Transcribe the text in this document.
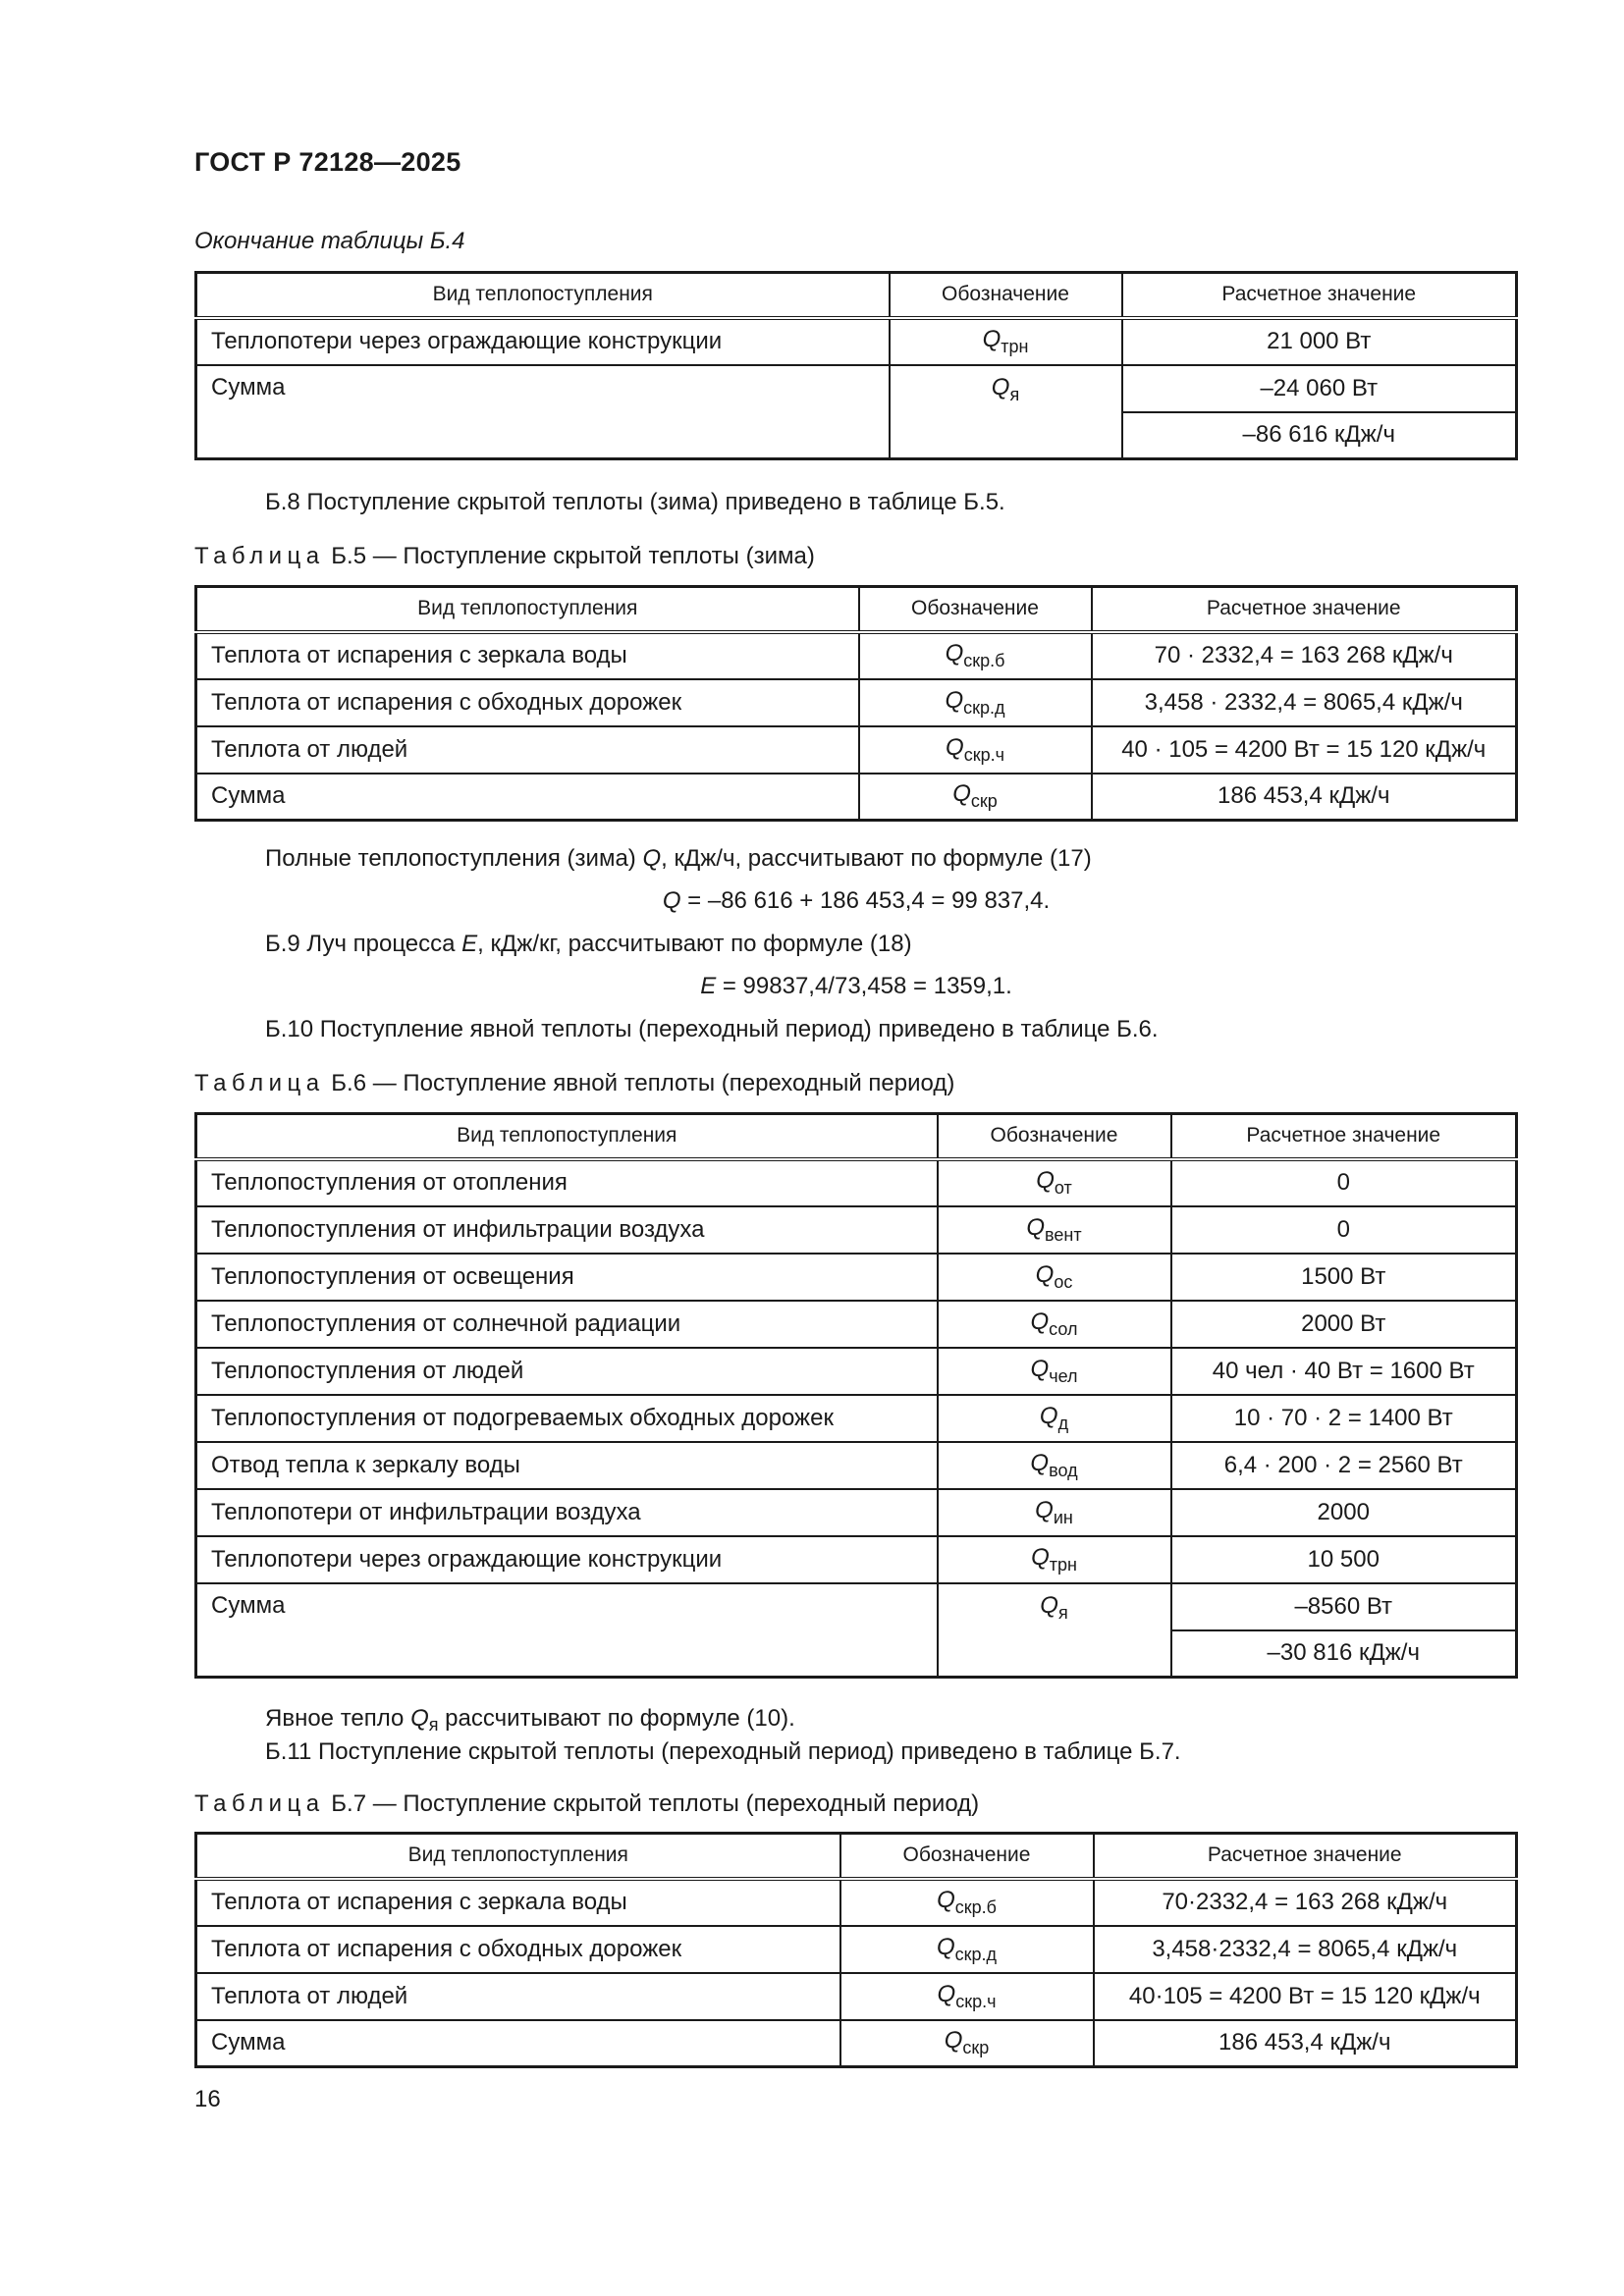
ГОСТ Р 72128—2025
Окончание таблицы Б.4
Вид теплопоступления	Обозначение	Расчетное значение
Теплопотери через ограждающие конструкции	$Q_{трн}$	21 000 Вт
Сумма	$Q_я$	–24 060 Вт
		–86 616 кДж/ч
Б.8 Поступление скрытой теплоты (зима) приведено в таблице Б.5.
Таблица Б.5 — Поступление скрытой теплоты (зима)
Вид теплопоступления	Обозначение	Расчетное значение
Теплота от испарения с зеркала воды	$Q_{скр.б}$	70 · 2332,4 = 163 268 кДж/ч
Теплота от испарения с обходных дорожек	$Q_{скр.д}$	3,458 · 2332,4 = 8065,4 кДж/ч
Теплота от людей	$Q_{скр.ч}$	40 · 105 = 4200 Вт = 15 120 кДж/ч
Сумма	$Q_{скр}$	186 453,4 кДж/ч
Полные теплопоступления (зима) Q, кДж/ч, рассчитывают по формуле (17)
Q = –86 616 + 186 453,4 = 99 837,4.
Б.9 Луч процесса E, кДж/кг, рассчитывают по формуле (18)
E = 99837,4/73,458 = 1359,1.
Б.10 Поступление явной теплоты (переходный период) приведено в таблице Б.6.
Таблица Б.6 — Поступление явной теплоты (переходный период)
Вид теплопоступления	Обозначение	Расчетное значение
Теплопоступления от отопления	$Q_{от}$	0
Теплопоступления от инфильтрации воздуха	$Q_{вент}$	0
Теплопоступления от освещения	$Q_{ос}$	1500 Вт
Теплопоступления от солнечной радиации	$Q_{сол}$	2000 Вт
Теплопоступления от людей	$Q_{чел}$	40 чел · 40 Вт = 1600 Вт
Теплопоступления от подогреваемых обходных дорожек	$Q_д$	10 · 70 · 2 = 1400 Вт
Отвод тепла к зеркалу воды	$Q_{вод}$	6,4 · 200 · 2 = 2560 Вт
Теплопотери от инфильтрации воздуха	$Q_{ин}$	2000
Теплопотери через ограждающие конструкции	$Q_{трн}$	10 500
Сумма	$Q_я$	–8560 Вт
		–30 816 кДж/ч
Явное тепло $Q_я$ рассчитывают по формуле (10).
Б.11 Поступление скрытой теплоты (переходный период) приведено в таблице Б.7.
Таблица Б.7 — Поступление скрытой теплоты (переходный период)
Вид теплопоступления	Обозначение	Расчетное значение
Теплота от испарения с зеркала воды	$Q_{скр.б}$	70·2332,4 = 163 268 кДж/ч
Теплота от испарения с обходных дорожек	$Q_{скр.д}$	3,458·2332,4 = 8065,4 кДж/ч
Теплота от людей	$Q_{скр.ч}$	40·105 = 4200 Вт = 15 120 кДж/ч
Сумма	$Q_{скр}$	186 453,4 кДж/ч
16
